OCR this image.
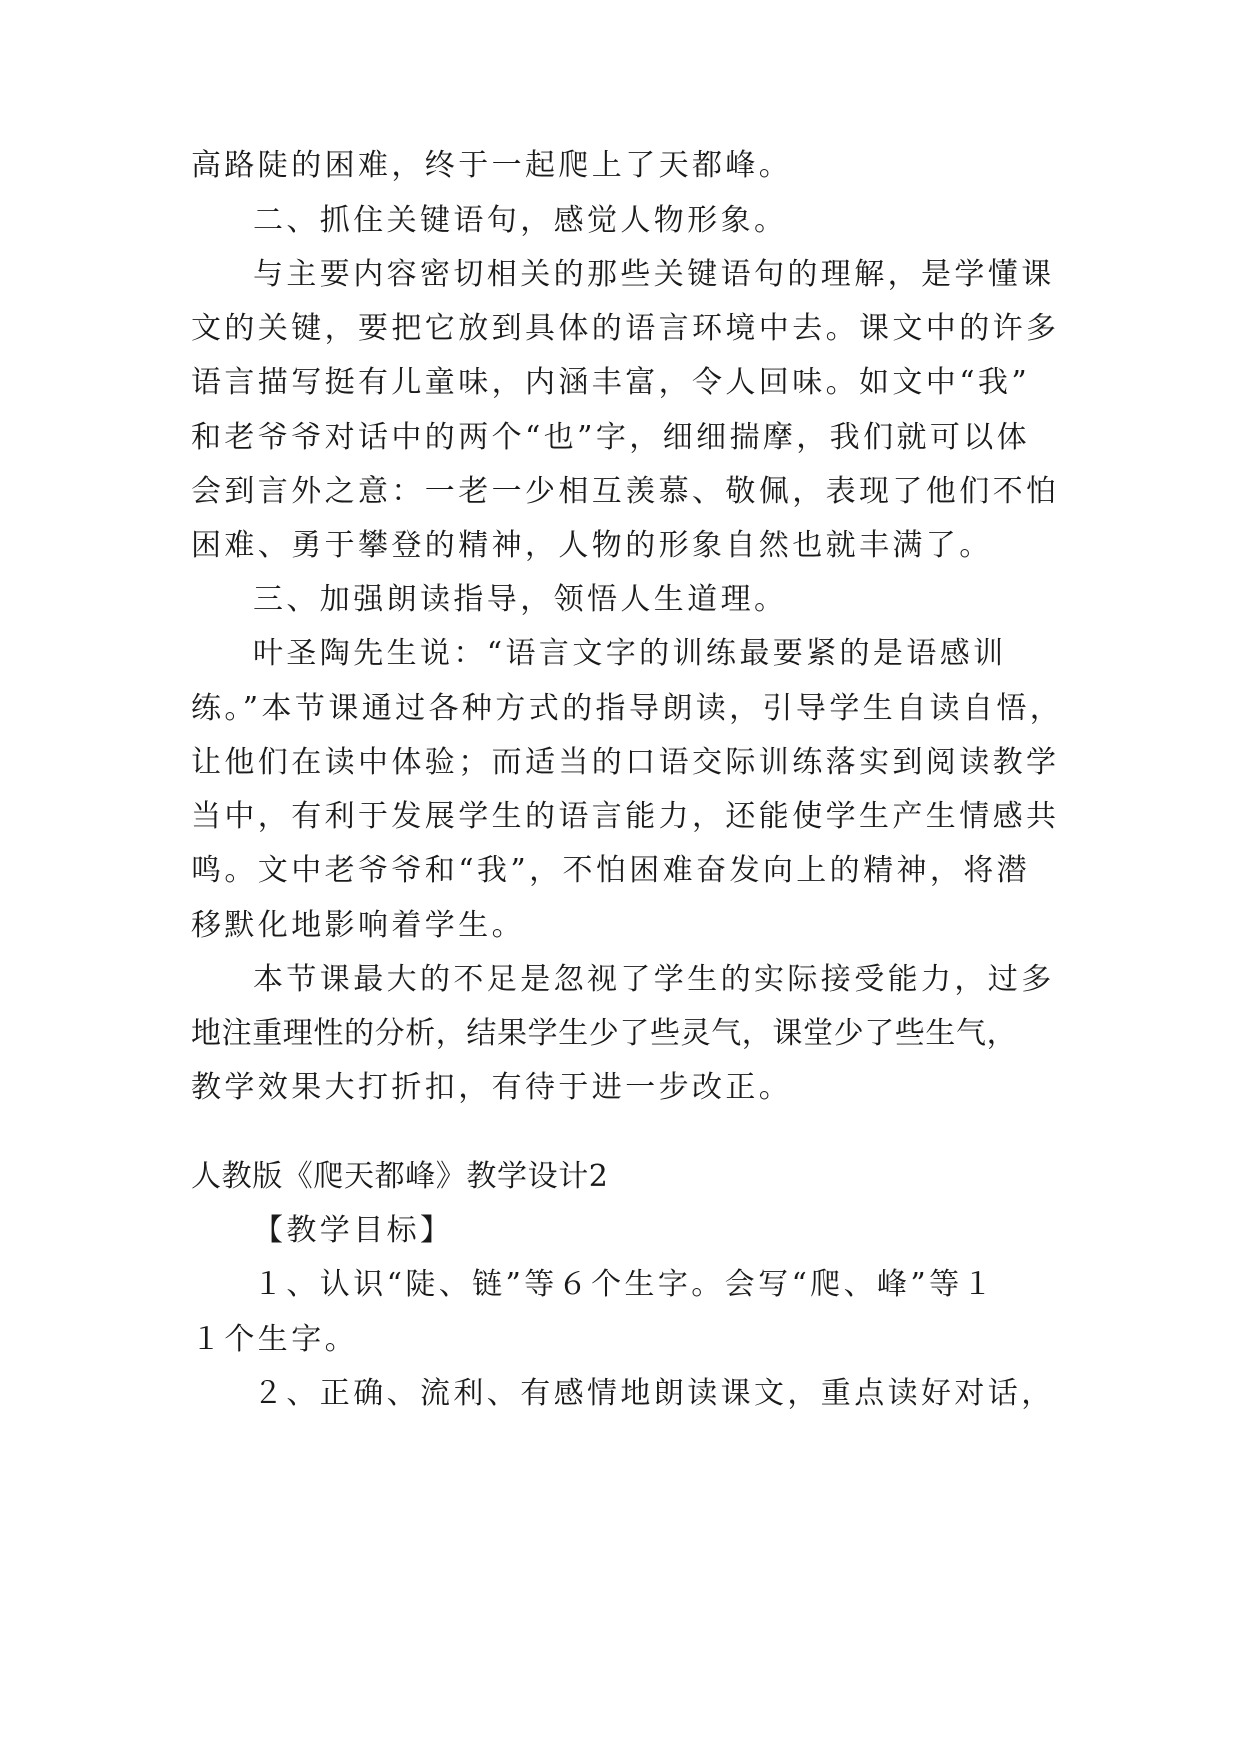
高路陡的困难，终于一起爬上了天都峰。

二、抓住关键语句，感觉人物形象。

与主要内容密切相关的那些关键语句的理解，是学懂课

文的关键，要把它放到具体的语言环境中去。课文中的许多

语言描写挺有儿童味，内涵丰富，令人回味。如文中“我”

和老爷爷对话中的两个“也”字，细细揣摩，我们就可以体

会到言外之意：一老一少相互羡慕、敬佩，表现了他们不怕

困难、勇于攀登的精神，人物的形象自然也就丰满了。

三、加强朗读指导，领悟人生道理。

叶圣陶先生说：“语言文字的训练最要紧的是语感训

练。”本节课通过各种方式的指导朗读，引导学生自读自悟，

让他们在读中体验；而适当的口语交际训练落实到阅读教学

当中，有利于发展学生的语言能力，还能使学生产生情感共

鸣。文中老爷爷和“我”，不怕困难奋发向上的精神，将潜

移默化地影响着学生。

本节课最大的不足是忽视了学生的实际接受能力，过多

地注重理性的分析，结果学生少了些灵气，课堂少了些生气，

教学效果大打折扣，有待于进一步改正。

人教版《爬天都峰》教学设计2

【教学目标】

１、认识“陡、链”等６个生字。会写“爬、峰”等１

１个生字。

２、正确、流利、有感情地朗读课文，重点读好对话，
